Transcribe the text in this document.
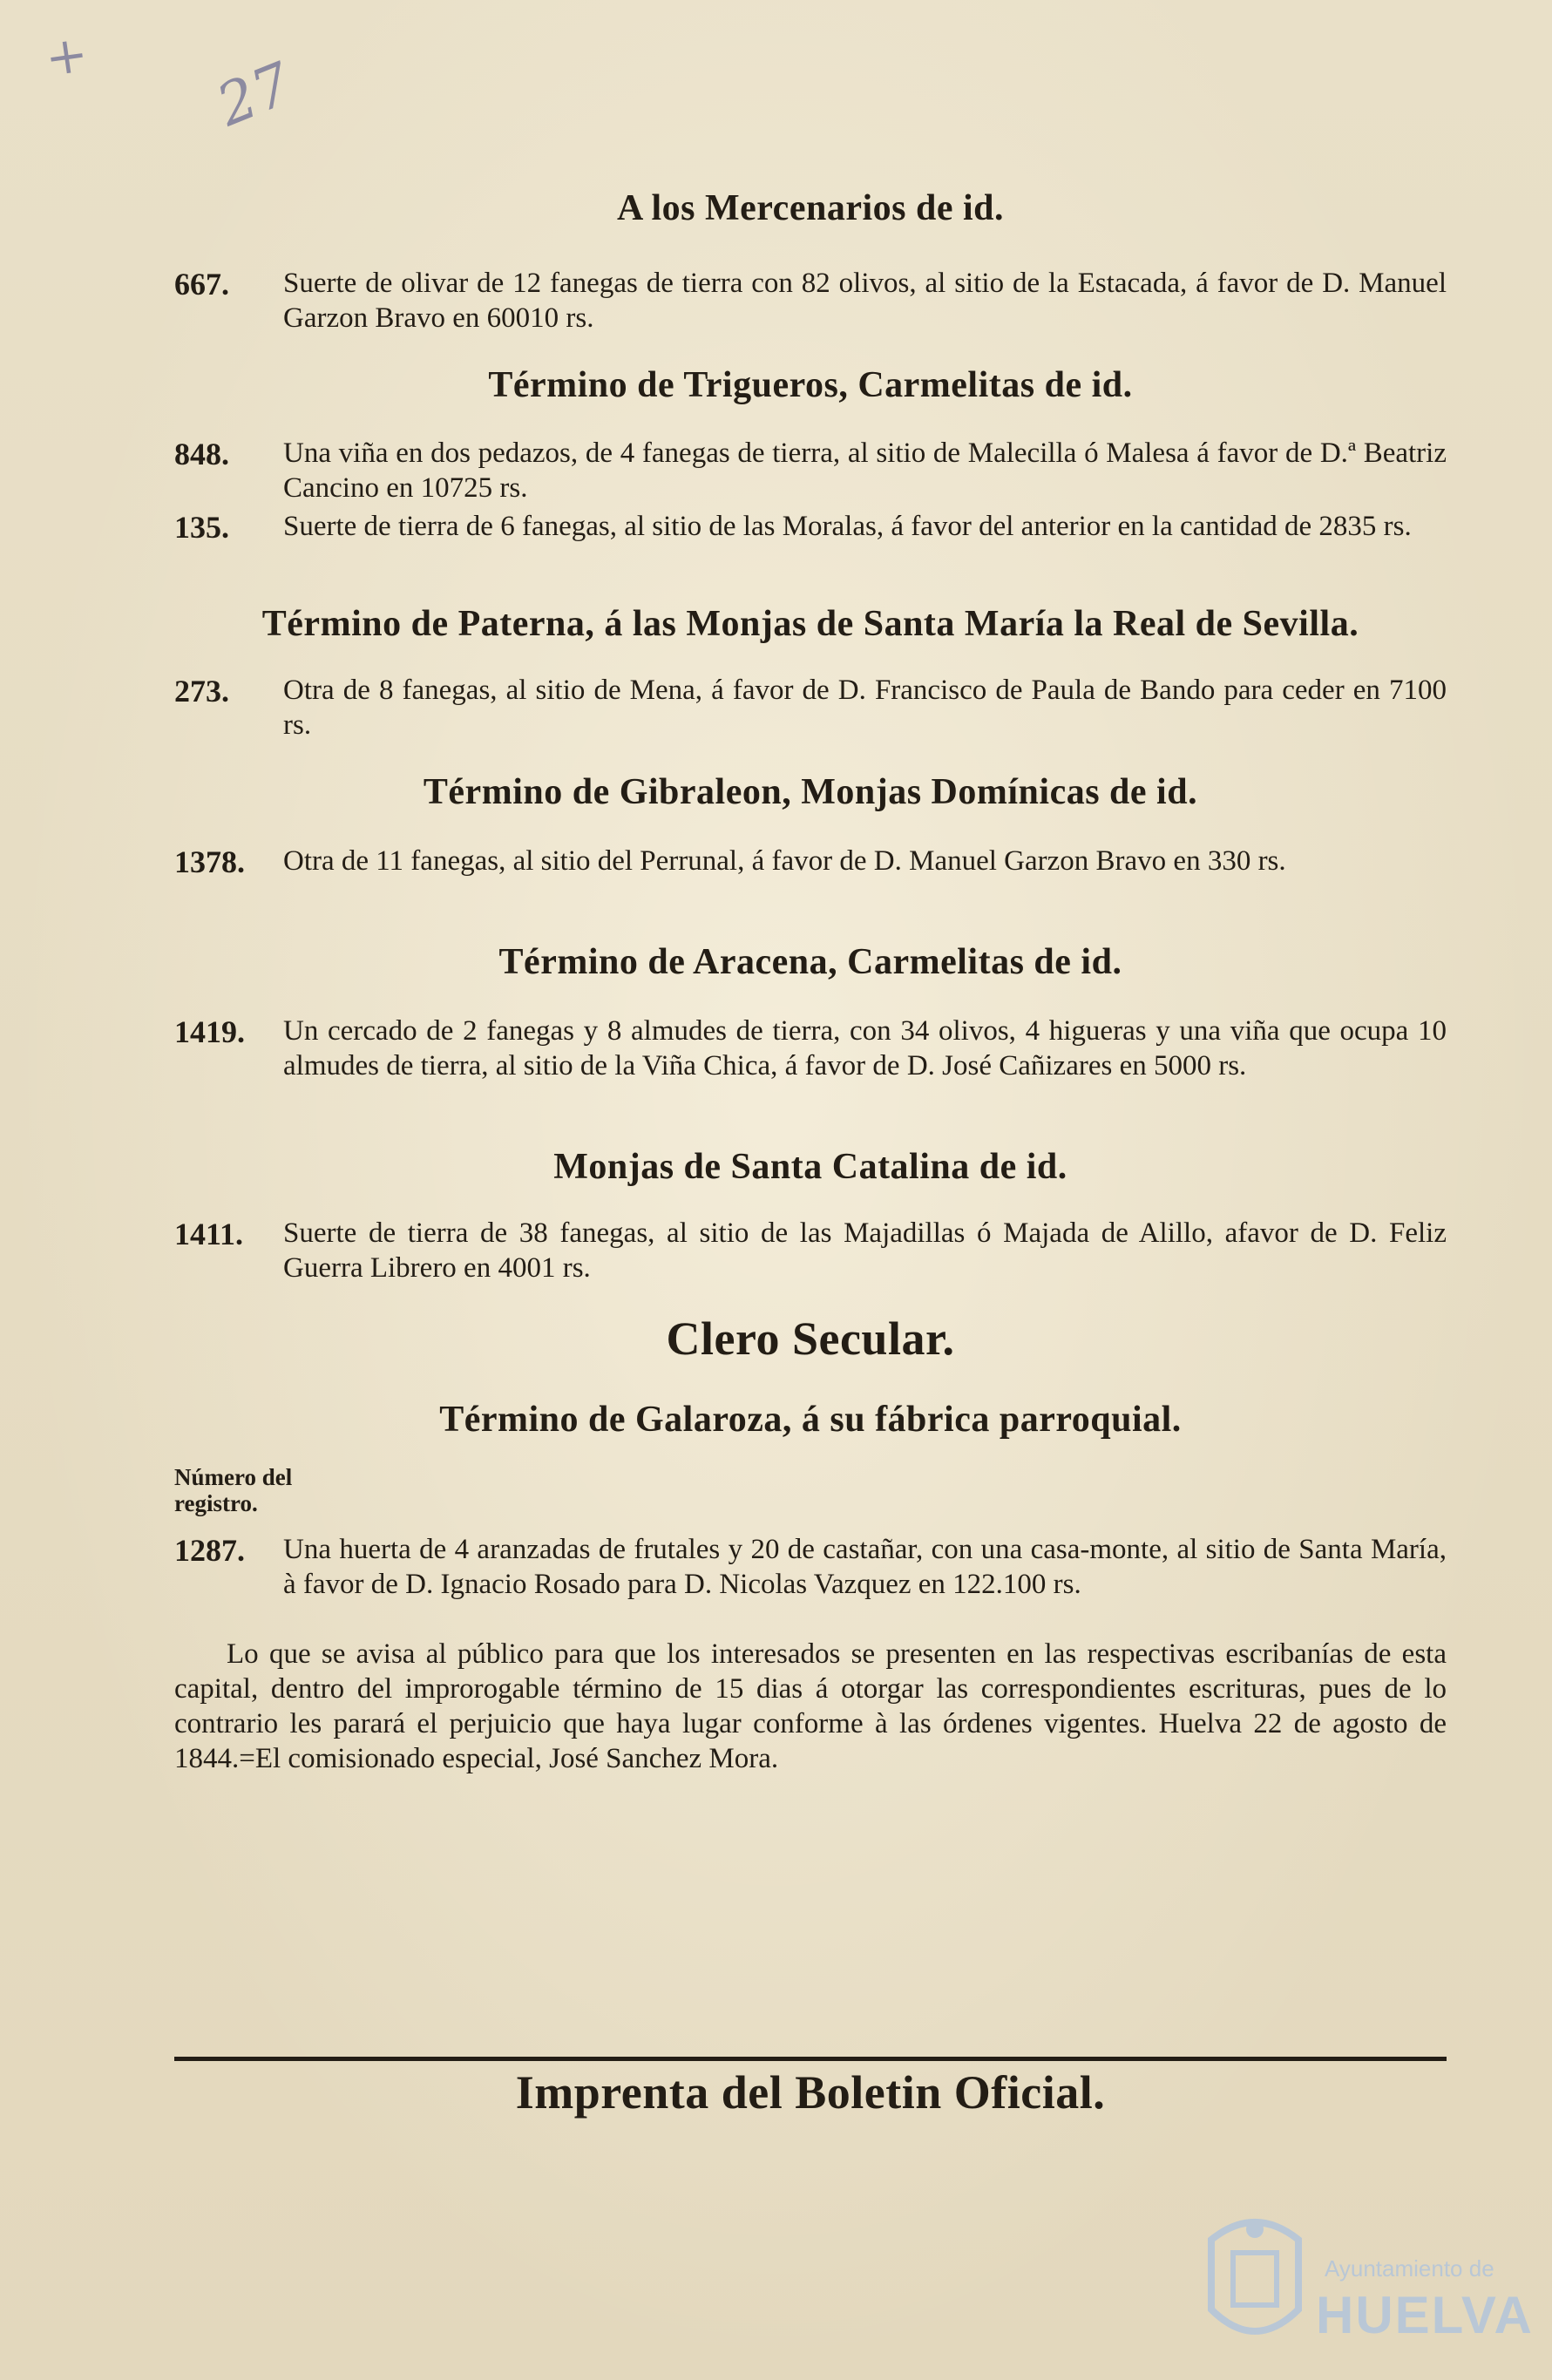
+ 27
A los Mercenarios de id.
667. Suerte de olivar de 12 fanegas de tierra con 82 olivos, al sitio de la Estacada, á favor de D. Manuel Garzon Bravo en 60010 rs.
Término de Trigueros, Carmelitas de id.
848. Una viña en dos pedazos, de 4 fanegas de tierra, al sitio de Malecilla ó Malesa á favor de D.ª Beatriz Cancino en 10725 rs.
135. Suerte de tierra de 6 fanegas, al sitio de las Moralas, á favor del anterior en la cantidad de 2835 rs.
Término de Paterna, á las Monjas de Santa María la Real de Sevilla.
273. Otra de 8 fanegas, al sitio de Mena, á favor de D. Francisco de Paula de Bando para ceder en 7100 rs.
Término de Gibraleon, Monjas Domínicas de id.
1378. Otra de 11 fanegas, al sitio del Perrunal, á favor de D. Manuel Garzon Bravo en 330 rs.
Término de Aracena, Carmelitas de id.
1419. Un cercado de 2 fanegas y 8 almudes de tierra, con 34 olivos, 4 higueras y una viña que ocupa 10 almudes de tierra, al sitio de la Viña Chica, á favor de D. José Cañizares en 5000 rs.
Monjas de Santa Catalina de id.
1411. Suerte de tierra de 38 fanegas, al sitio de las Majadillas ó Majada de Alillo, afavor de D. Feliz Guerra Librero en 4001 rs.
Clero Secular.
Término de Galaroza, á su fábrica parroquial.
Número del registro.
1287. Una huerta de 4 aranzadas de frutales y 20 de castañar, con una casa-monte, al sitio de Santa María, à favor de D. Ignacio Rosado para D. Nicolas Vazquez en 122.100 rs.
Lo que se avisa al público para que los interesados se presenten en las respectivas escribanías de esta capital, dentro del improrogable término de 15 dias á otorgar las correspondientes escrituras, pues de lo contrario les parará el perjuicio que haya lugar conforme à las órdenes vigentes. Huelva 22 de agosto de 1844.=El comisionado especial, José Sanchez Mora.
Imprenta del Boletin Oficial.
Ayuntamiento de
HUELVA
